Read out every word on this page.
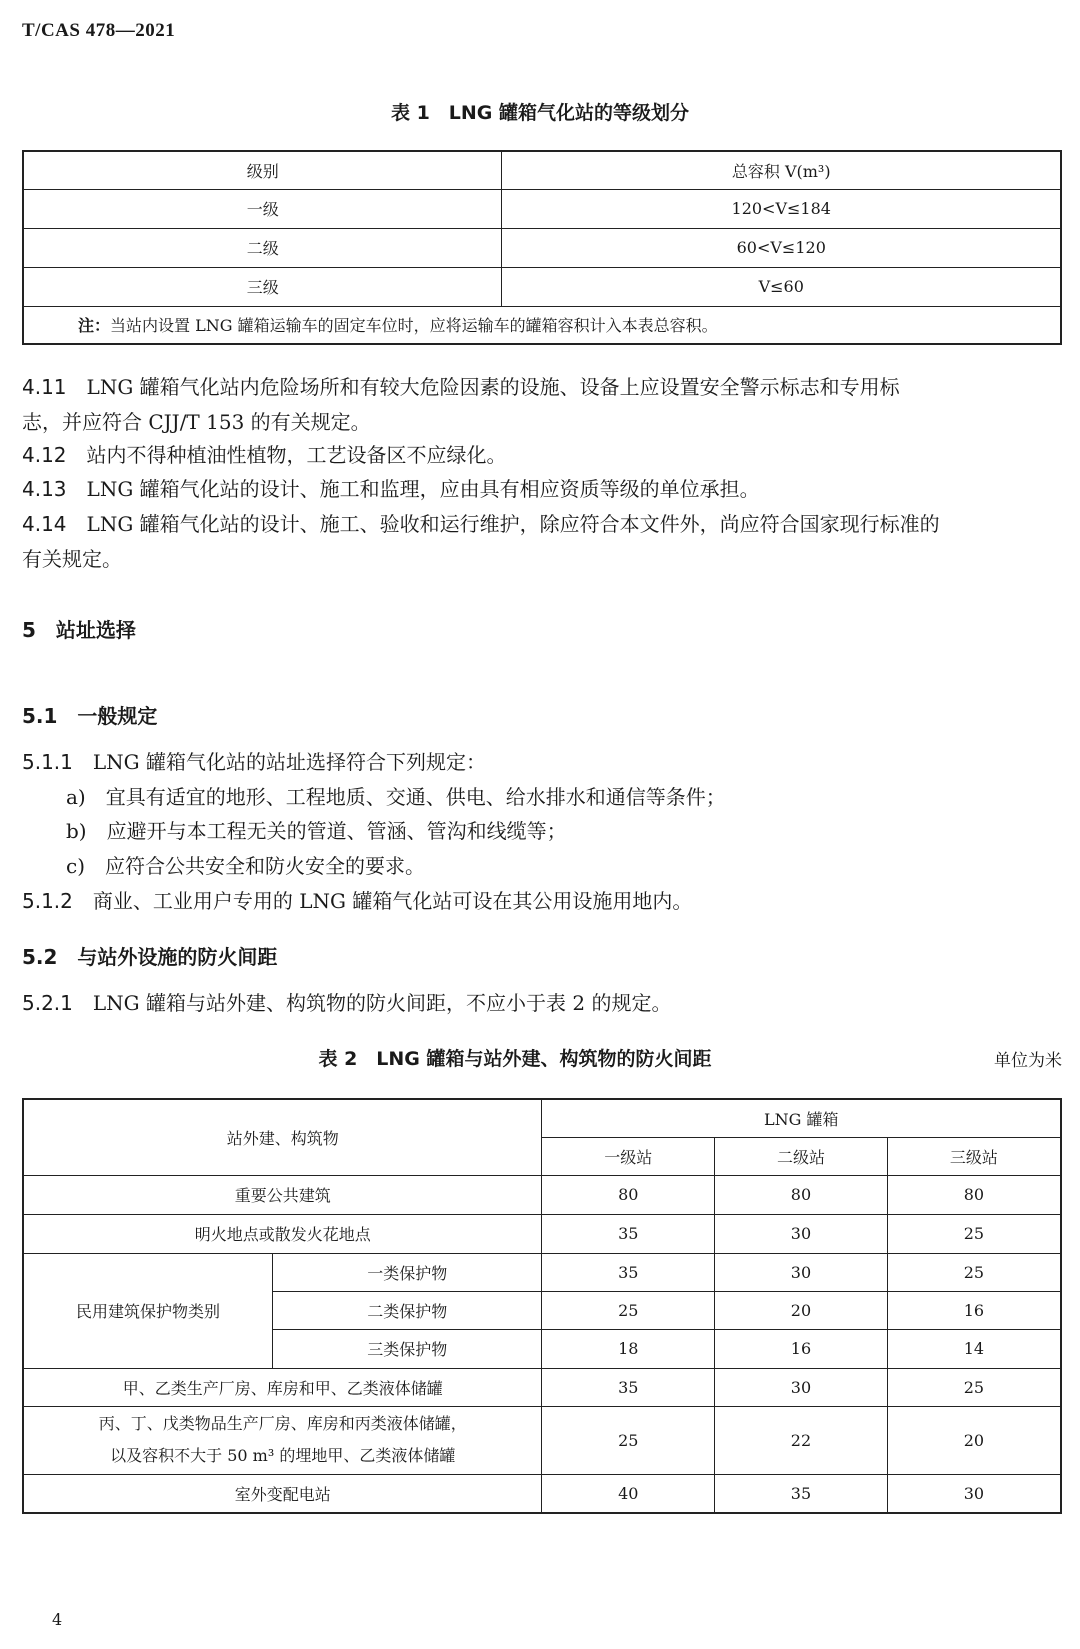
T/CAS 478—2021
表 1　LNG 罐箱气化站的等级划分
级别	总容积 V(m³)
一级	120<V≤184
二级	60<V≤120
三级	V≤60
注：当站内设置 LNG 罐箱运输车的固定车位时，应将运输车的罐箱容积计入本表总容积。	
4.11　 LNG 罐箱气化站内危险场所和有较大危险因素的设施、设备上应设置安全警示标志和专用标
志，并应符合 CJJ/T 153 的有关规定。
4.12　 站内不得种植油性植物，工艺设备区不应绿化。
4.13　 LNG 罐箱气化站的设计、施工和监理，应由具有相应资质等级的单位承担。
4.14　 LNG 罐箱气化站的设计、施工、验收和运行维护，除应符合本文件外，尚应符合国家现行标准的
有关规定。
5　站址选择
5.1　一般规定
5.1.1　 LNG 罐箱气化站的站址选择符合下列规定：
a)　宜具有适宜的地形、工程地质、交通、供电、给水排水和通信等条件；
b)　应避开与本工程无关的管道、管涵、管沟和线缆等；
c)　应符合公共安全和防火安全的要求。
5.1.2　 商业、工业用户专用的 LNG 罐箱气化站可设在其公用设施用地内。
5.2　与站外设施的防火间距
5.2.1　 LNG 罐箱与站外建、构筑物的防火间距，不应小于表 2 的规定。
表 2　LNG 罐箱与站外建、构筑物的防火间距	单位为米
站外建、构筑物		LNG 罐箱		
		一级站	二级站	三级站
重要公共建筑		80	80	80
明火地点或散发火花地点		35	30	25
民用建筑保护物类别	一类保护物	35	30	25
	二类保护物	25	20	16
	三类保护物	18	16	14
甲、乙类生产厂房、库房和甲、乙类液体储罐		35	30	25
丙、丁、戊类物品生产厂房、库房和丙类液体储罐，
以及容积不大于 50 m³ 的埋地甲、乙类液体储罐		25	22	20
室外变配电站		40	35	30
4
